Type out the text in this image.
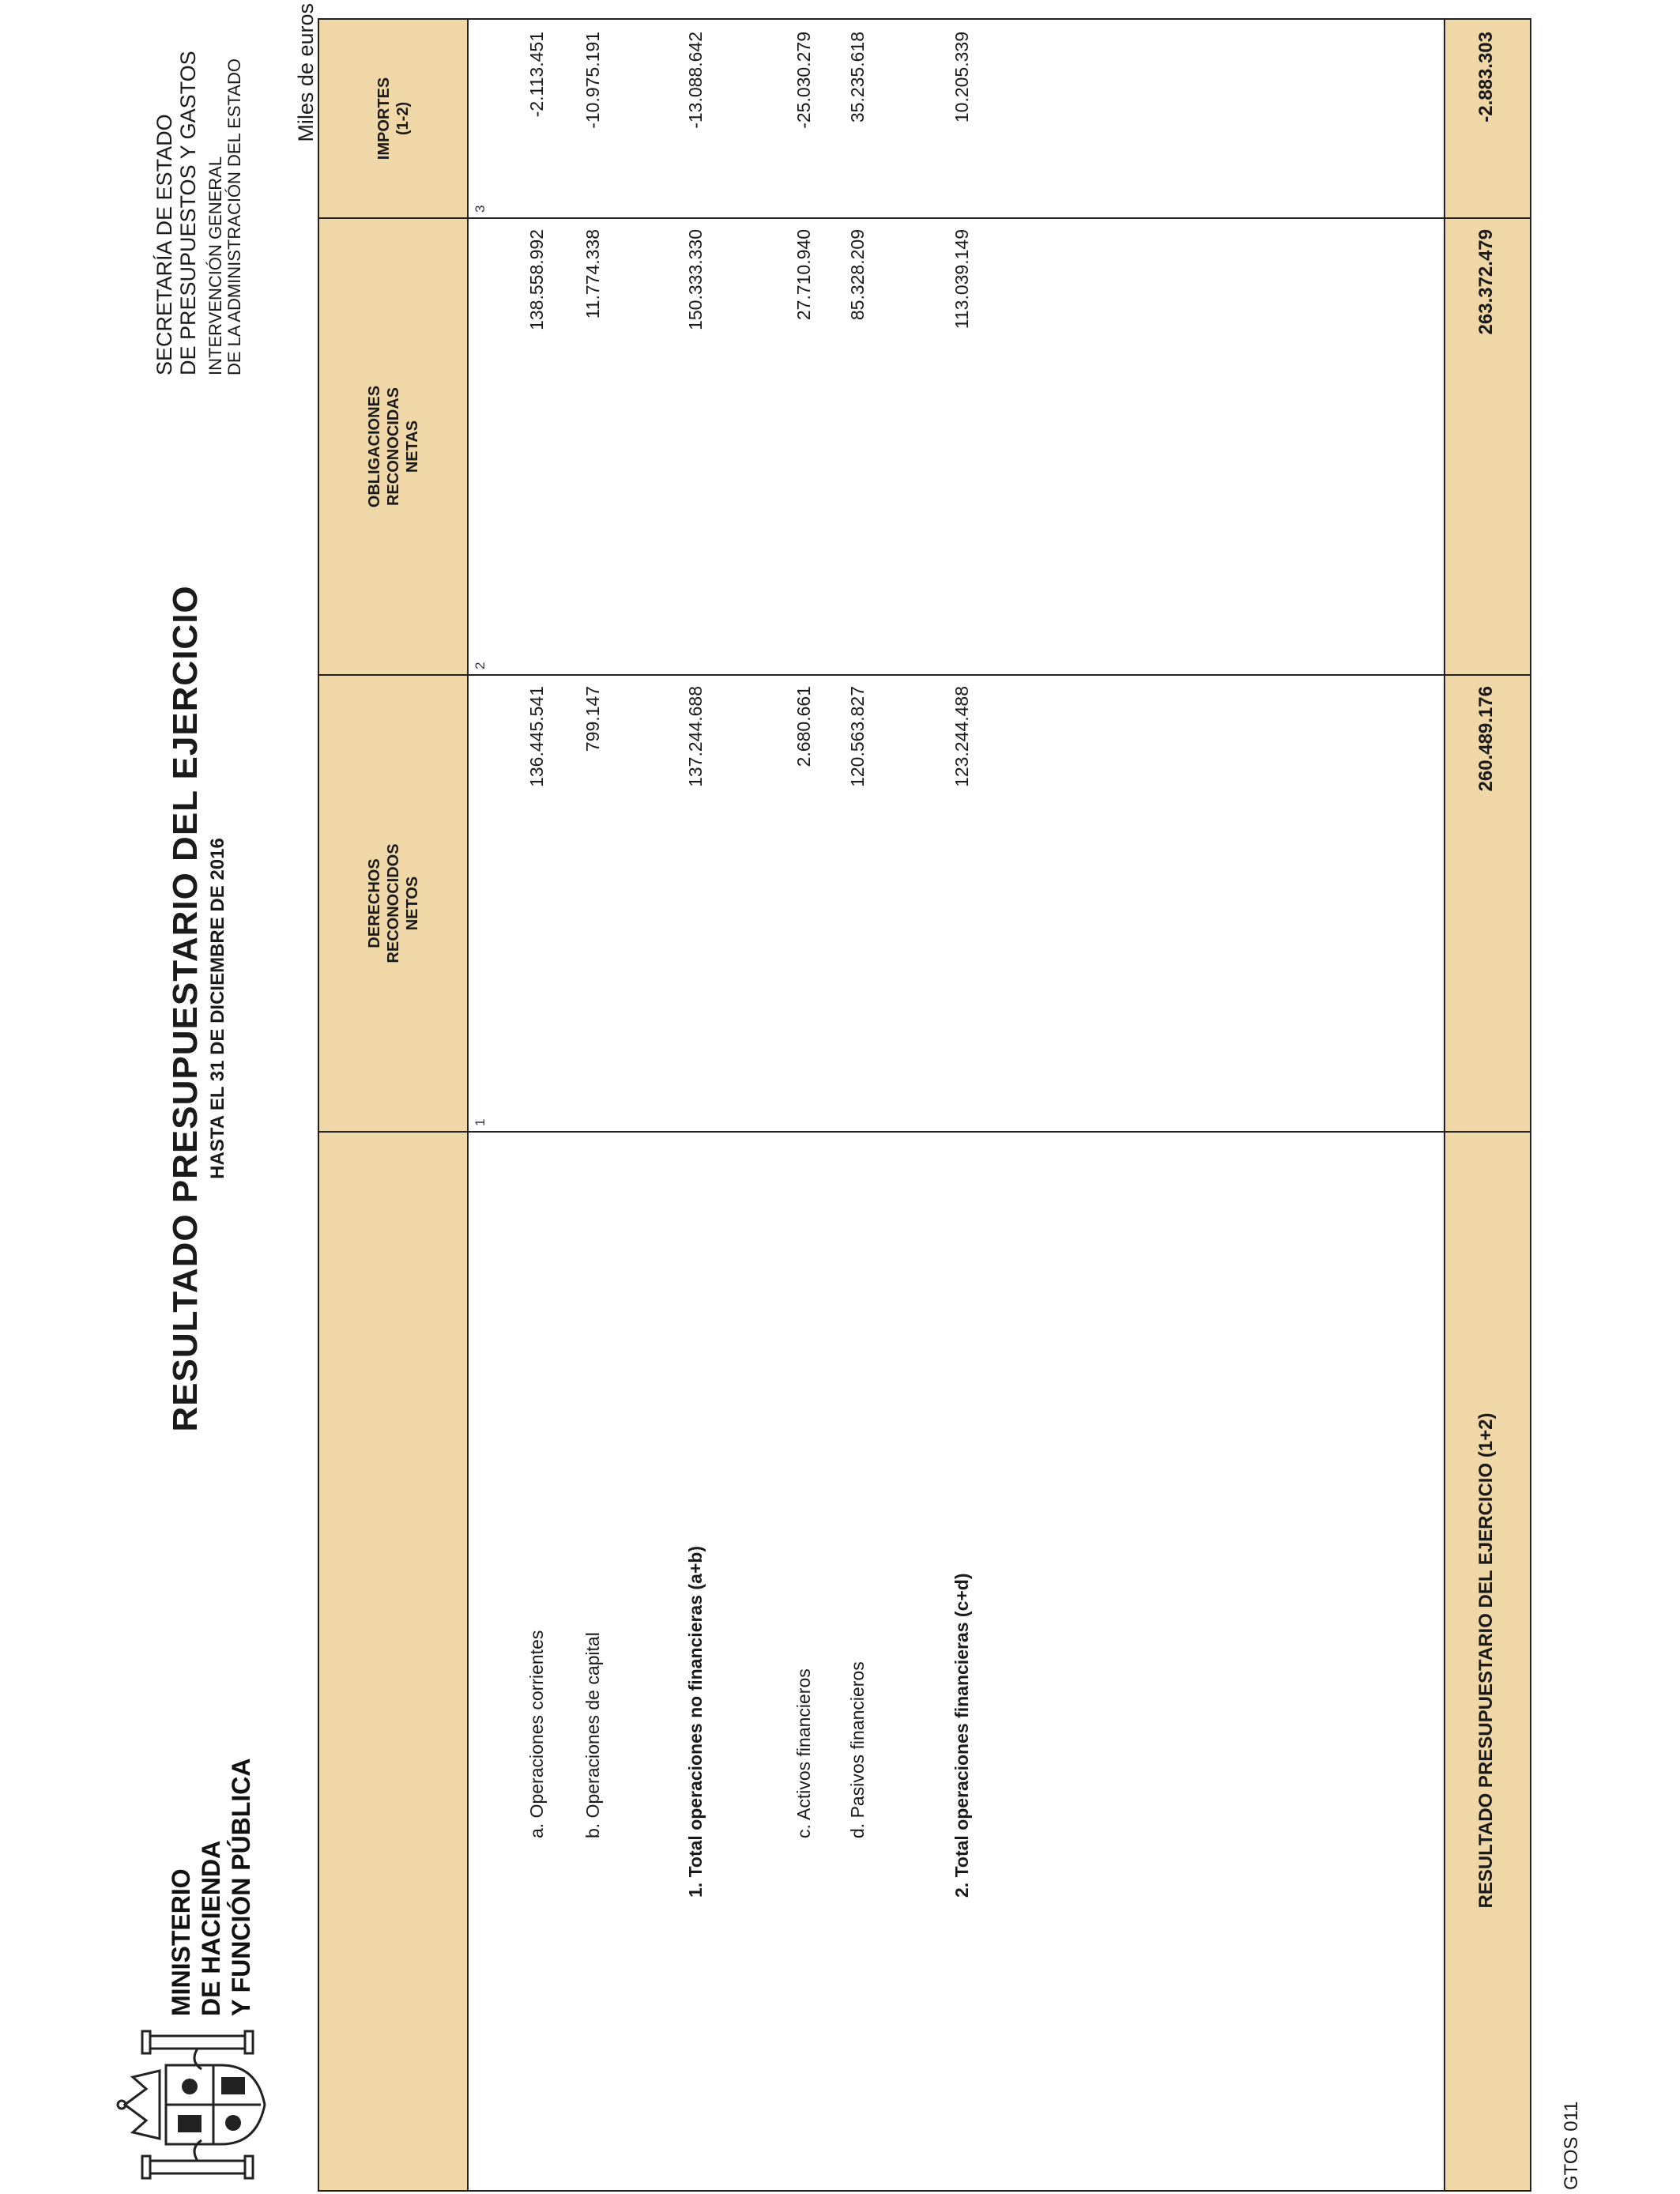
MINISTERIO DE HACIENDA Y FUNCIÓN PÚBLICA
RESULTADO PRESUPUESTARIO DEL EJERCICIO HASTA EL 31 DE DICIEMBRE DE 2016
SECRETARÍA DE ESTADO DE PRESUPUESTOS Y GASTOS INTERVENCIÓN GENERAL DE LA ADMINISTRACIÓN DEL ESTADO Miles de euros
DERECHOS RECONOCIDOS NETOS
1
OBLIGACIONES RECONOCIDAS NETAS
2
IMPORTES (1-2)
3
a. Operaciones corrientes
136.445.541
138.558.992
-2.113.451
b. Operaciones de capital
799.147
11.774.338
-10.975.191
1. Total operaciones no financieras (a+b)
137.244.688
150.333.330
-13.088.642
c. Activos financieros
2.680.661
27.710.940
-25.030.279
d. Pasivos financieros
120.563.827
85.328.209
35.235.618
2. Total operaciones financieras (c+d)
123.244.488
113.039.149
10.205.339
RESULTADO PRESUPUESTARIO DEL EJERCICIO (1+2)
260.489.176
263.372.479
-2.883.303
GTOS 011
